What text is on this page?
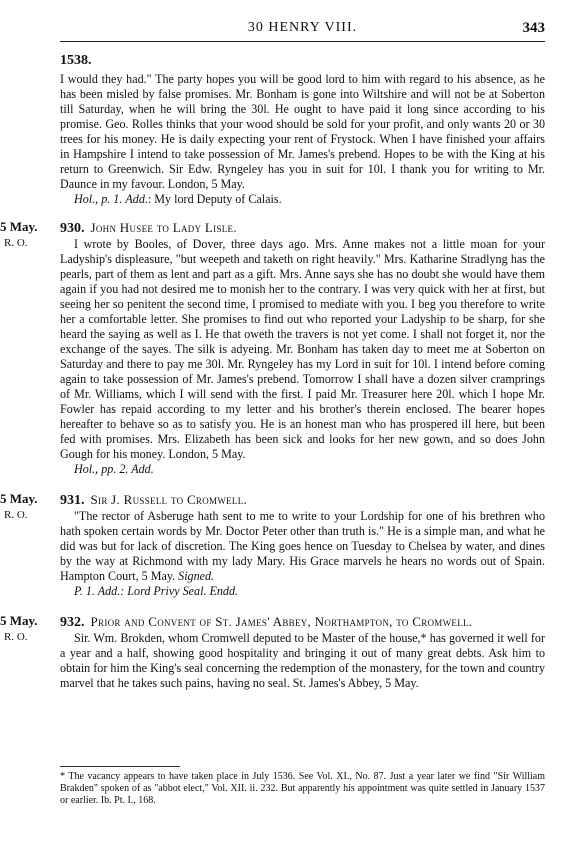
30 HENRY VIII.	343
1538.

I would they had." The party hopes you will be good lord to him with regard to his absence, as he has been misled by false promises. Mr. Bonham is gone into Wiltshire and will not be at Soberton till Saturday, when he will bring the 30l. He ought to have paid it long since according to his promise. Geo. Rolles thinks that your wood should be sold for your profit, and only wants 20 or 30 trees for his money. He is daily expecting your rent of Frystock. When I have finished your affairs in Hampshire I intend to take possession of Mr. James's prebend. Hopes to be with the King at his return to Greenwich. Sir Edw. Ryngeley has you in suit for 10l. I thank you for writing to Mr. Daunce in my favour. London, 5 May.

Hol., p. 1. Add.: My lord Deputy of Calais.

5 May.
R. O.

930. John Husee to Lady Lisle.

I wrote by Booles, of Dover, three days ago. Mrs. Anne makes not a little moan for your Ladyship's displeasure, "but weepeth and taketh on right heavily." Mrs. Katharine Stradlyng has the pearls, part of them as lent and part as a gift. Mrs. Anne says she has no doubt she would have them again if you had not desired me to monish her to the contrary. I was very quick with her at first, but seeing her so penitent the second time, I promised to mediate with you. I beg you therefore to write her a comfortable letter. She promises to find out who reported your Ladyship to be sharp, for she heard the saying as well as I. He that oweth the travers is not yet come. I shall not forget it, nor the exchange of the sayes. The silk is adyeing. Mr. Bonham has taken day to meet me at Soberton on Saturday and there to pay me 30l. Mr. Ryngeley has my Lord in suit for 10l. I intend before coming again to take possession of Mr. James's prebend. Tomorrow I shall have a dozen silver cramprings of Mr. Williams, which I will send with the first. I paid Mr. Treasurer here 20l. which I hope Mr. Fowler has repaid according to my letter and his brother's therein enclosed. The bearer hopes hereafter to behave so as to satisfy you. He is an honest man who has prospered ill here, but been fed with promises. Mrs. Elizabeth has been sick and looks for her new gown, and so does John Gough for his money. London, 5 May.

Hol., pp. 2. Add.

5 May.
R. O.

931. Sir J. Russell to Cromwell.

"The rector of Asberuge hath sent to me to write to your Lordship for one of his brethren who hath spoken certain words by Mr. Doctor Peter other than truth is." He is a simple man, and what he did was but for lack of discretion. The King goes hence on Tuesday to Chelsea by water, and dines by the way at Richmond with my lady Mary. His Grace marvels he hears no words out of Spain. Hampton Court, 5 May. Signed.

P. 1. Add.: Lord Privy Seal. Endd.

5 May.
R. O.

932. Prior and Convent of St. James' Abbey, Northampton, to Cromwell.

Sir. Wm. Brokden, whom Cromwell deputed to be Master of the house,* has governed it well for a year and a half, showing good hospitality and bringing it out of many great debts. Ask him to obtain for him the King's seal concerning the redemption of the monastery, for the town and country marvel that he takes such pains, having no seal. St. James's Abbey, 5 May.

* The vacancy appears to have taken place in July 1536. See Vol. XI., No. 87. Just a year later we find "Sir William Brakden" spoken of as "abbot elect," Vol. XII. ii. 232. But apparently his appointment was quite settled in January 1537 or earlier. Ib. Pt. I., 168.
